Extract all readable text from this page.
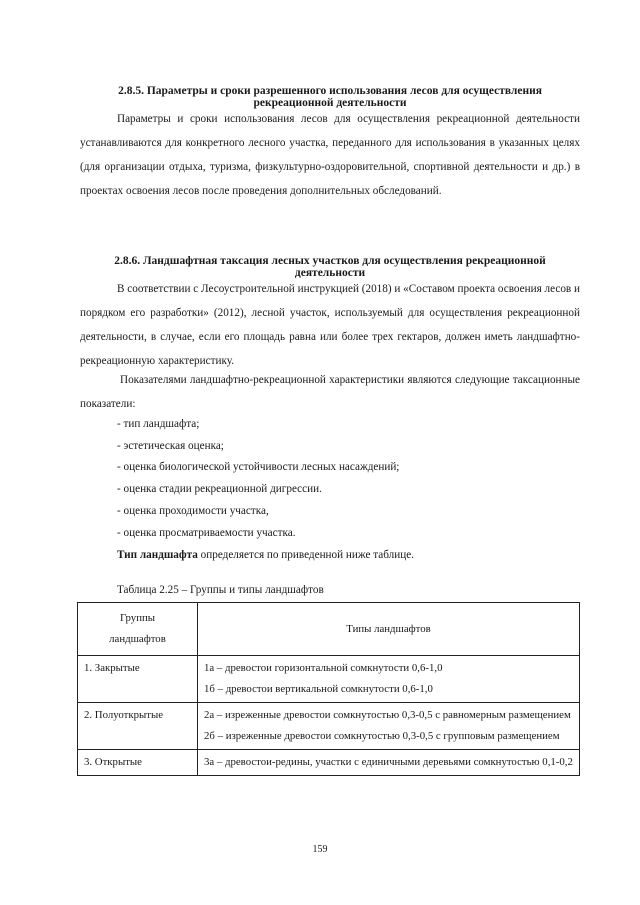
2.8.5. Параметры и сроки разрешенного использования лесов для осуществления
рекреационной деятельности

Параметры и сроки использования лесов для осуществления рекреационной деятельности устанавливаются для конкретного лесного участка, переданного для использования в указанных целях (для организации отдыха, туризма, физкультурно-оздоровительной, спортивной деятельности и др.) в проектах освоения лесов после проведения дополнительных обследований.

2.8.6. Ландшафтная таксация лесных участков для осуществления рекреационной
деятельности

В соответствии с Лесоустроительной инструкцией (2018) и «Составом проекта освоения лесов и порядком его разработки» (2012), лесной участок, используемый для осуществления рекреационной деятельности, в случае, если его площадь равна или более трех гектаров, должен иметь ландшафтно-рекреационную характеристику.

Показателями ландшафтно-рекреационной характеристики являются следующие таксационные показатели:

- тип ландшафта;
- эстетическая оценка;
- оценка биологической устойчивости лесных насаждений;
- оценка стадии рекреационной дигрессии.
- оценка проходимости участка,
- оценка просматриваемости участка.
Тип ландшафта определяется по приведенной ниже таблице.
Таблица 2.25 – Группы и типы ландшафтов
Группы
ландшафтов	Типы ландшафтов
1. Закрытые	1а – древостои горизонтальной сомкнутости 0,6-1,0
1б – древостои вертикальной сомкнутости 0,6-1,0

2. Полуоткрытые	2а – изреженные древостои сомкнутостью 0,3-0,5 с равномерным размещением
2б – изреженные древостои сомкнутостью 0,3-0,5 с групповым размещением

3. Открытые	3а – древостои-редины, участки с единичными деревьями сомкнутостью 0,1-0,2
159
